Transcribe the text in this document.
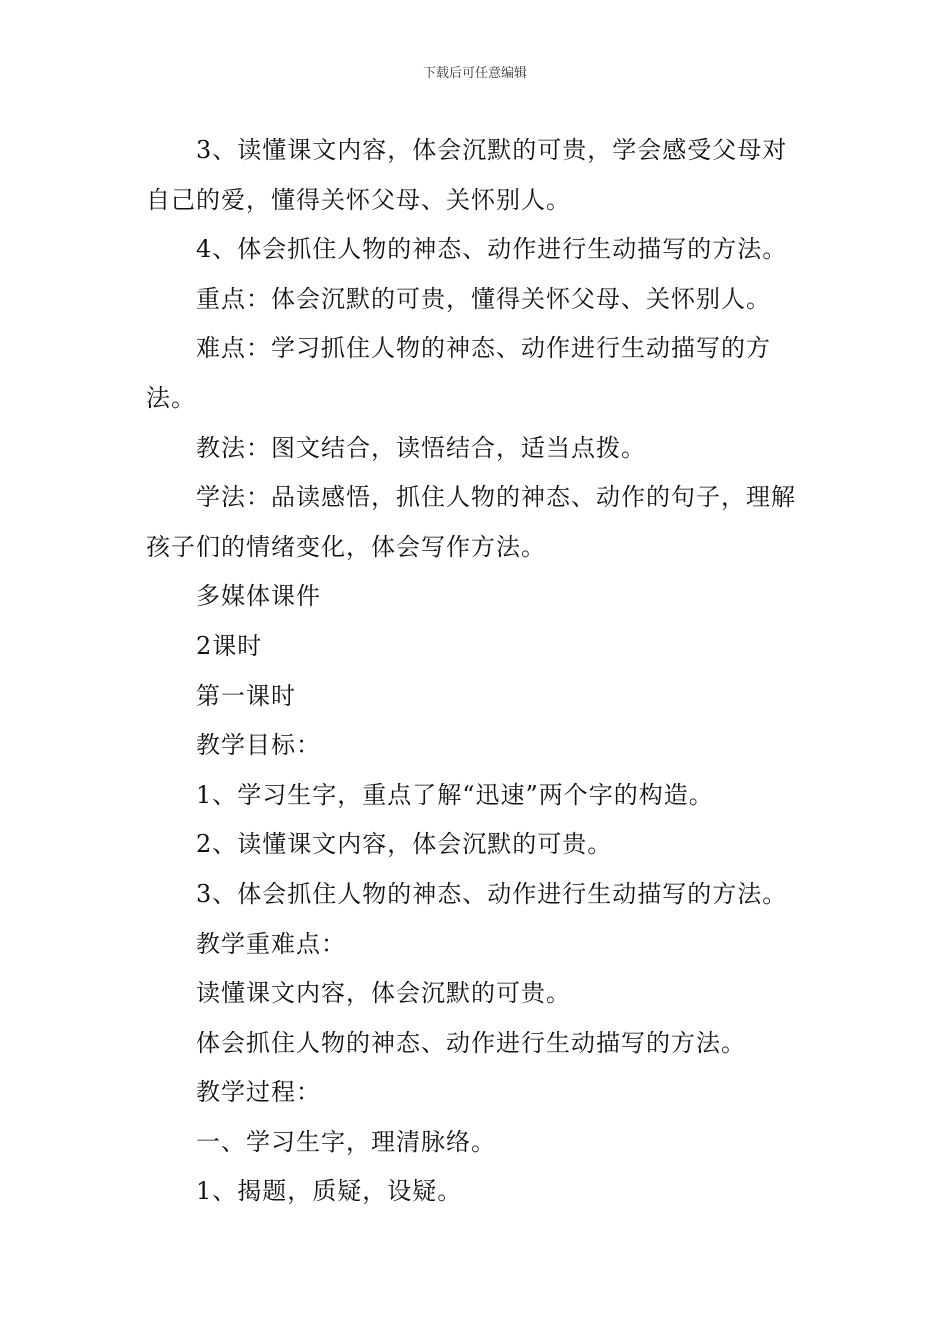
下载后可任意编辑

3、读懂课文内容，体会沉默的可贵，学会感受父母对自己的爱，懂得关怀父母、关怀别人。

4、体会抓住人物的神态、动作进行生动描写的方法。

重点：体会沉默的可贵，懂得关怀父母、关怀别人。

难点：学习抓住人物的神态、动作进行生动描写的方法。

教法：图文结合，读悟结合，适当点拨。

学法：品读感悟，抓住人物的神态、动作的句子，理解孩子们的情绪变化，体会写作方法。

多媒体课件

2课时

第一课时

教学目标：

1、学习生字，重点了解“迅速”两个字的构造。

2、读懂课文内容，体会沉默的可贵。

3、体会抓住人物的神态、动作进行生动描写的方法。

教学重难点：

读懂课文内容，体会沉默的可贵。

体会抓住人物的神态、动作进行生动描写的方法。

教学过程：

一、学习生字，理清脉络。

1、揭题，质疑，设疑。
